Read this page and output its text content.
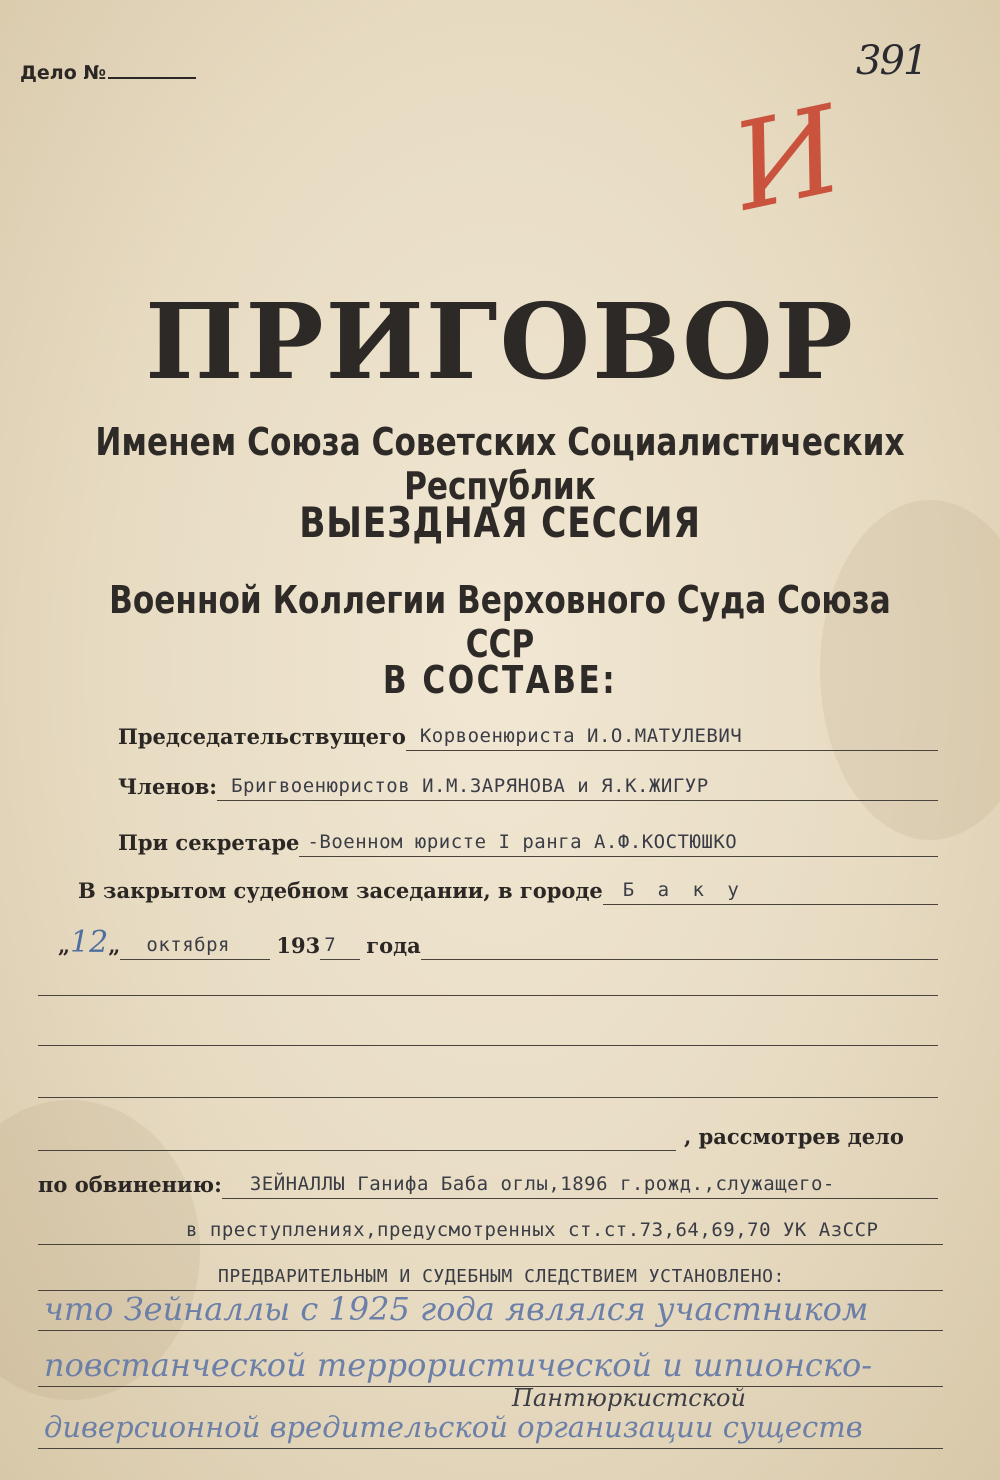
Дело №	391
И
ПРИГОВОР
Именем Союза Советских Социалистических Республик
ВЫЕЗДНАЯ СЕССИЯ
Военной Коллегии Верховного Суда Союза ССР
В СОСТАВЕ:
Председательствущего Корвоенюриста И.О.МАТУЛЕВИЧ
Членов: Бригвоенюристов И.М.ЗАРЯНОВА и Я.К.ЖИГУР
При секретаре -Военном юристе I ранга А.Ф.КОСТЮШКО
В закрытом судебном заседании, в городе Б а к у
„ 12 „ октября 193 7 года
, рассмотрев дело
по обвинению: ЗЕЙНАЛЛЫ Ганифа Баба оглы,1896 г.рожд.,служащего-
в преступлениях,предусмотренных ст.ст.73,64,69,70 УК АзССР
ПРЕДВАРИТЕЛЬНЫМ И СУДЕБНЫМ СЛЕДСТВИЕМ УСТАНОВЛЕНО:
что Зейналлы с 1925 года являлся участником
повстанческой террористической и шпионско-
Пантюркистской
диверсионной вредительской организации существ
